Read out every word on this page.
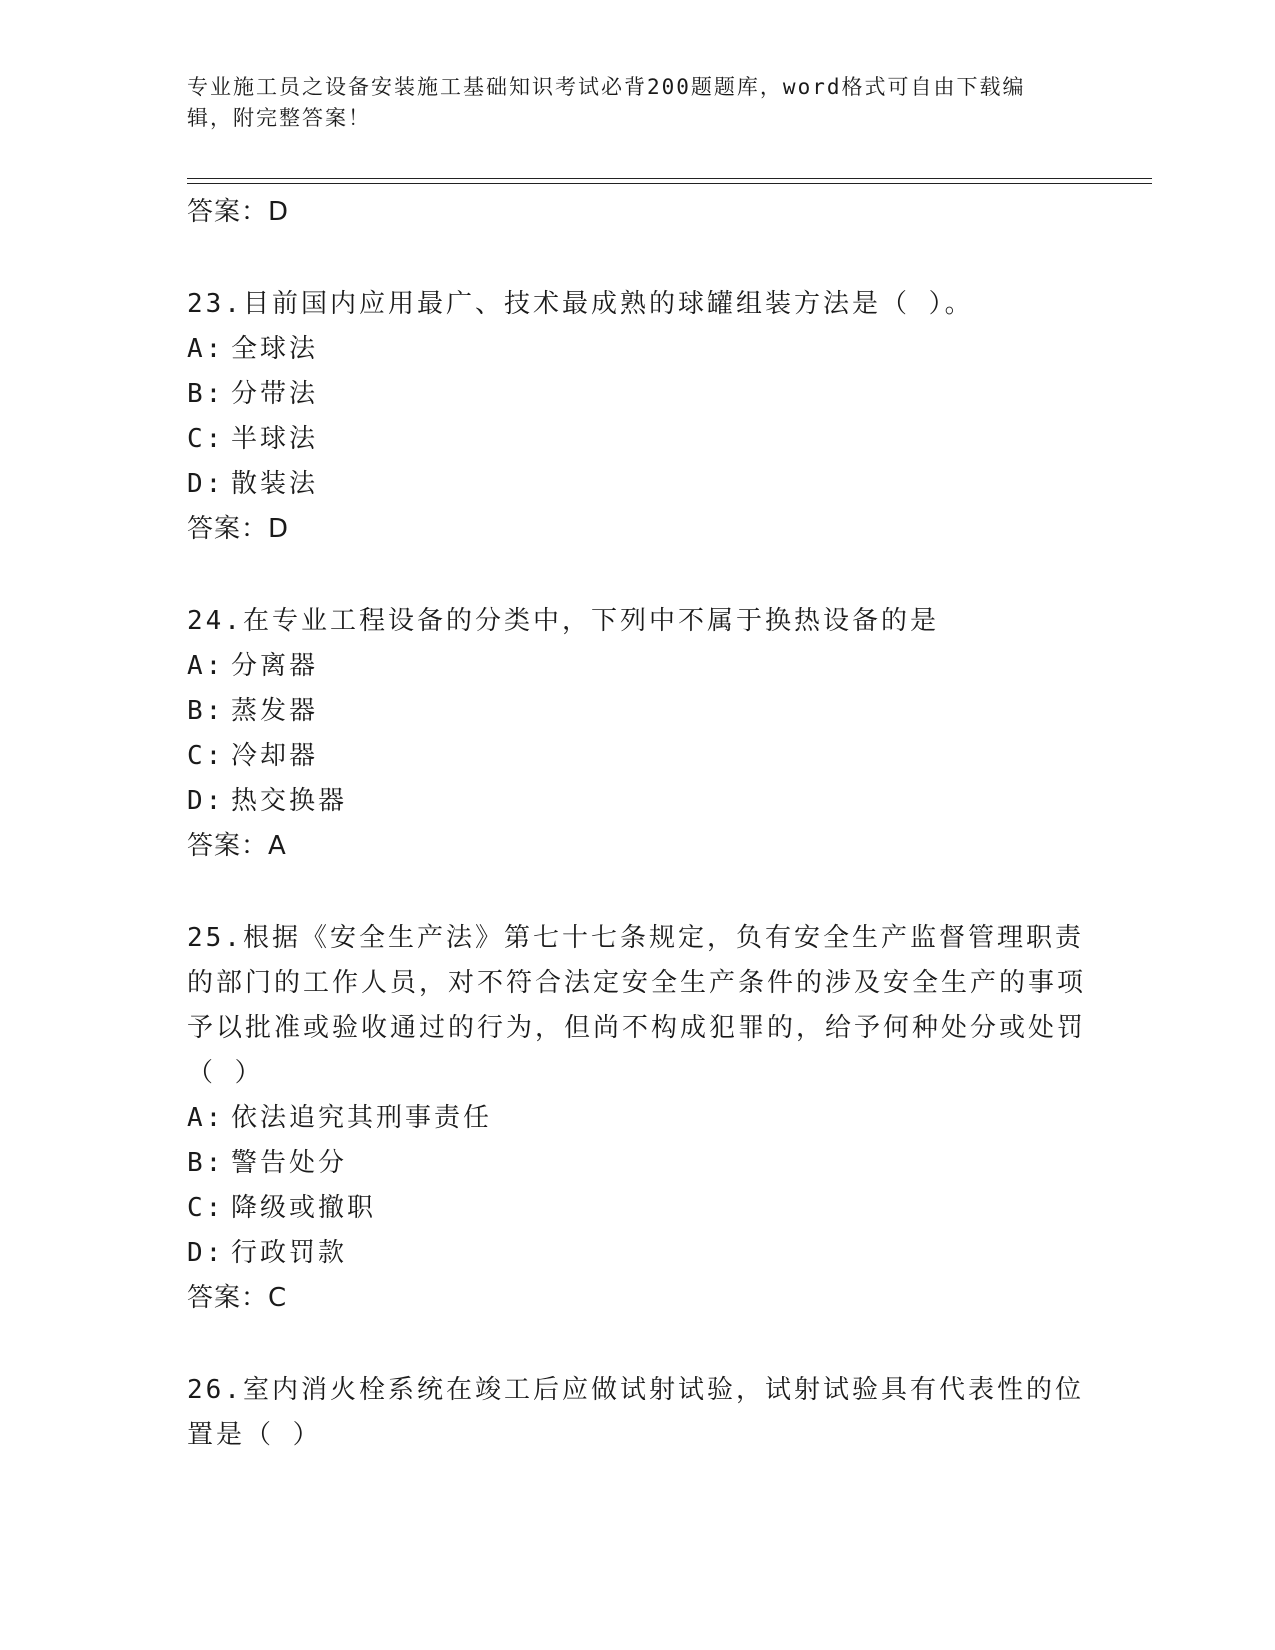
专业施工员之设备安装施工基础知识考试必背200题题库，word格式可自由下载编辑，附完整答案！
答案：D
23.目前国内应用最广、技术最成熟的球罐组装方法是（ ）。
A: 全球法
B: 分带法
C: 半球法
D: 散装法
答案：D
24.在专业工程设备的分类中，下列中不属于换热设备的是
A: 分离器
B: 蒸发器
C: 冷却器
D: 热交换器
答案：A
25.根据《安全生产法》第七十七条规定，负有安全生产监督管理职责的部门的工作人员，对不符合法定安全生产条件的涉及安全生产的事项予以批准或验收通过的行为，但尚不构成犯罪的，给予何种处分或处罚（ ）
A: 依法追究其刑事责任
B: 警告处分
C: 降级或撤职
D: 行政罚款
答案：C
26.室内消火栓系统在竣工后应做试射试验，试射试验具有代表性的位置是（ ）
